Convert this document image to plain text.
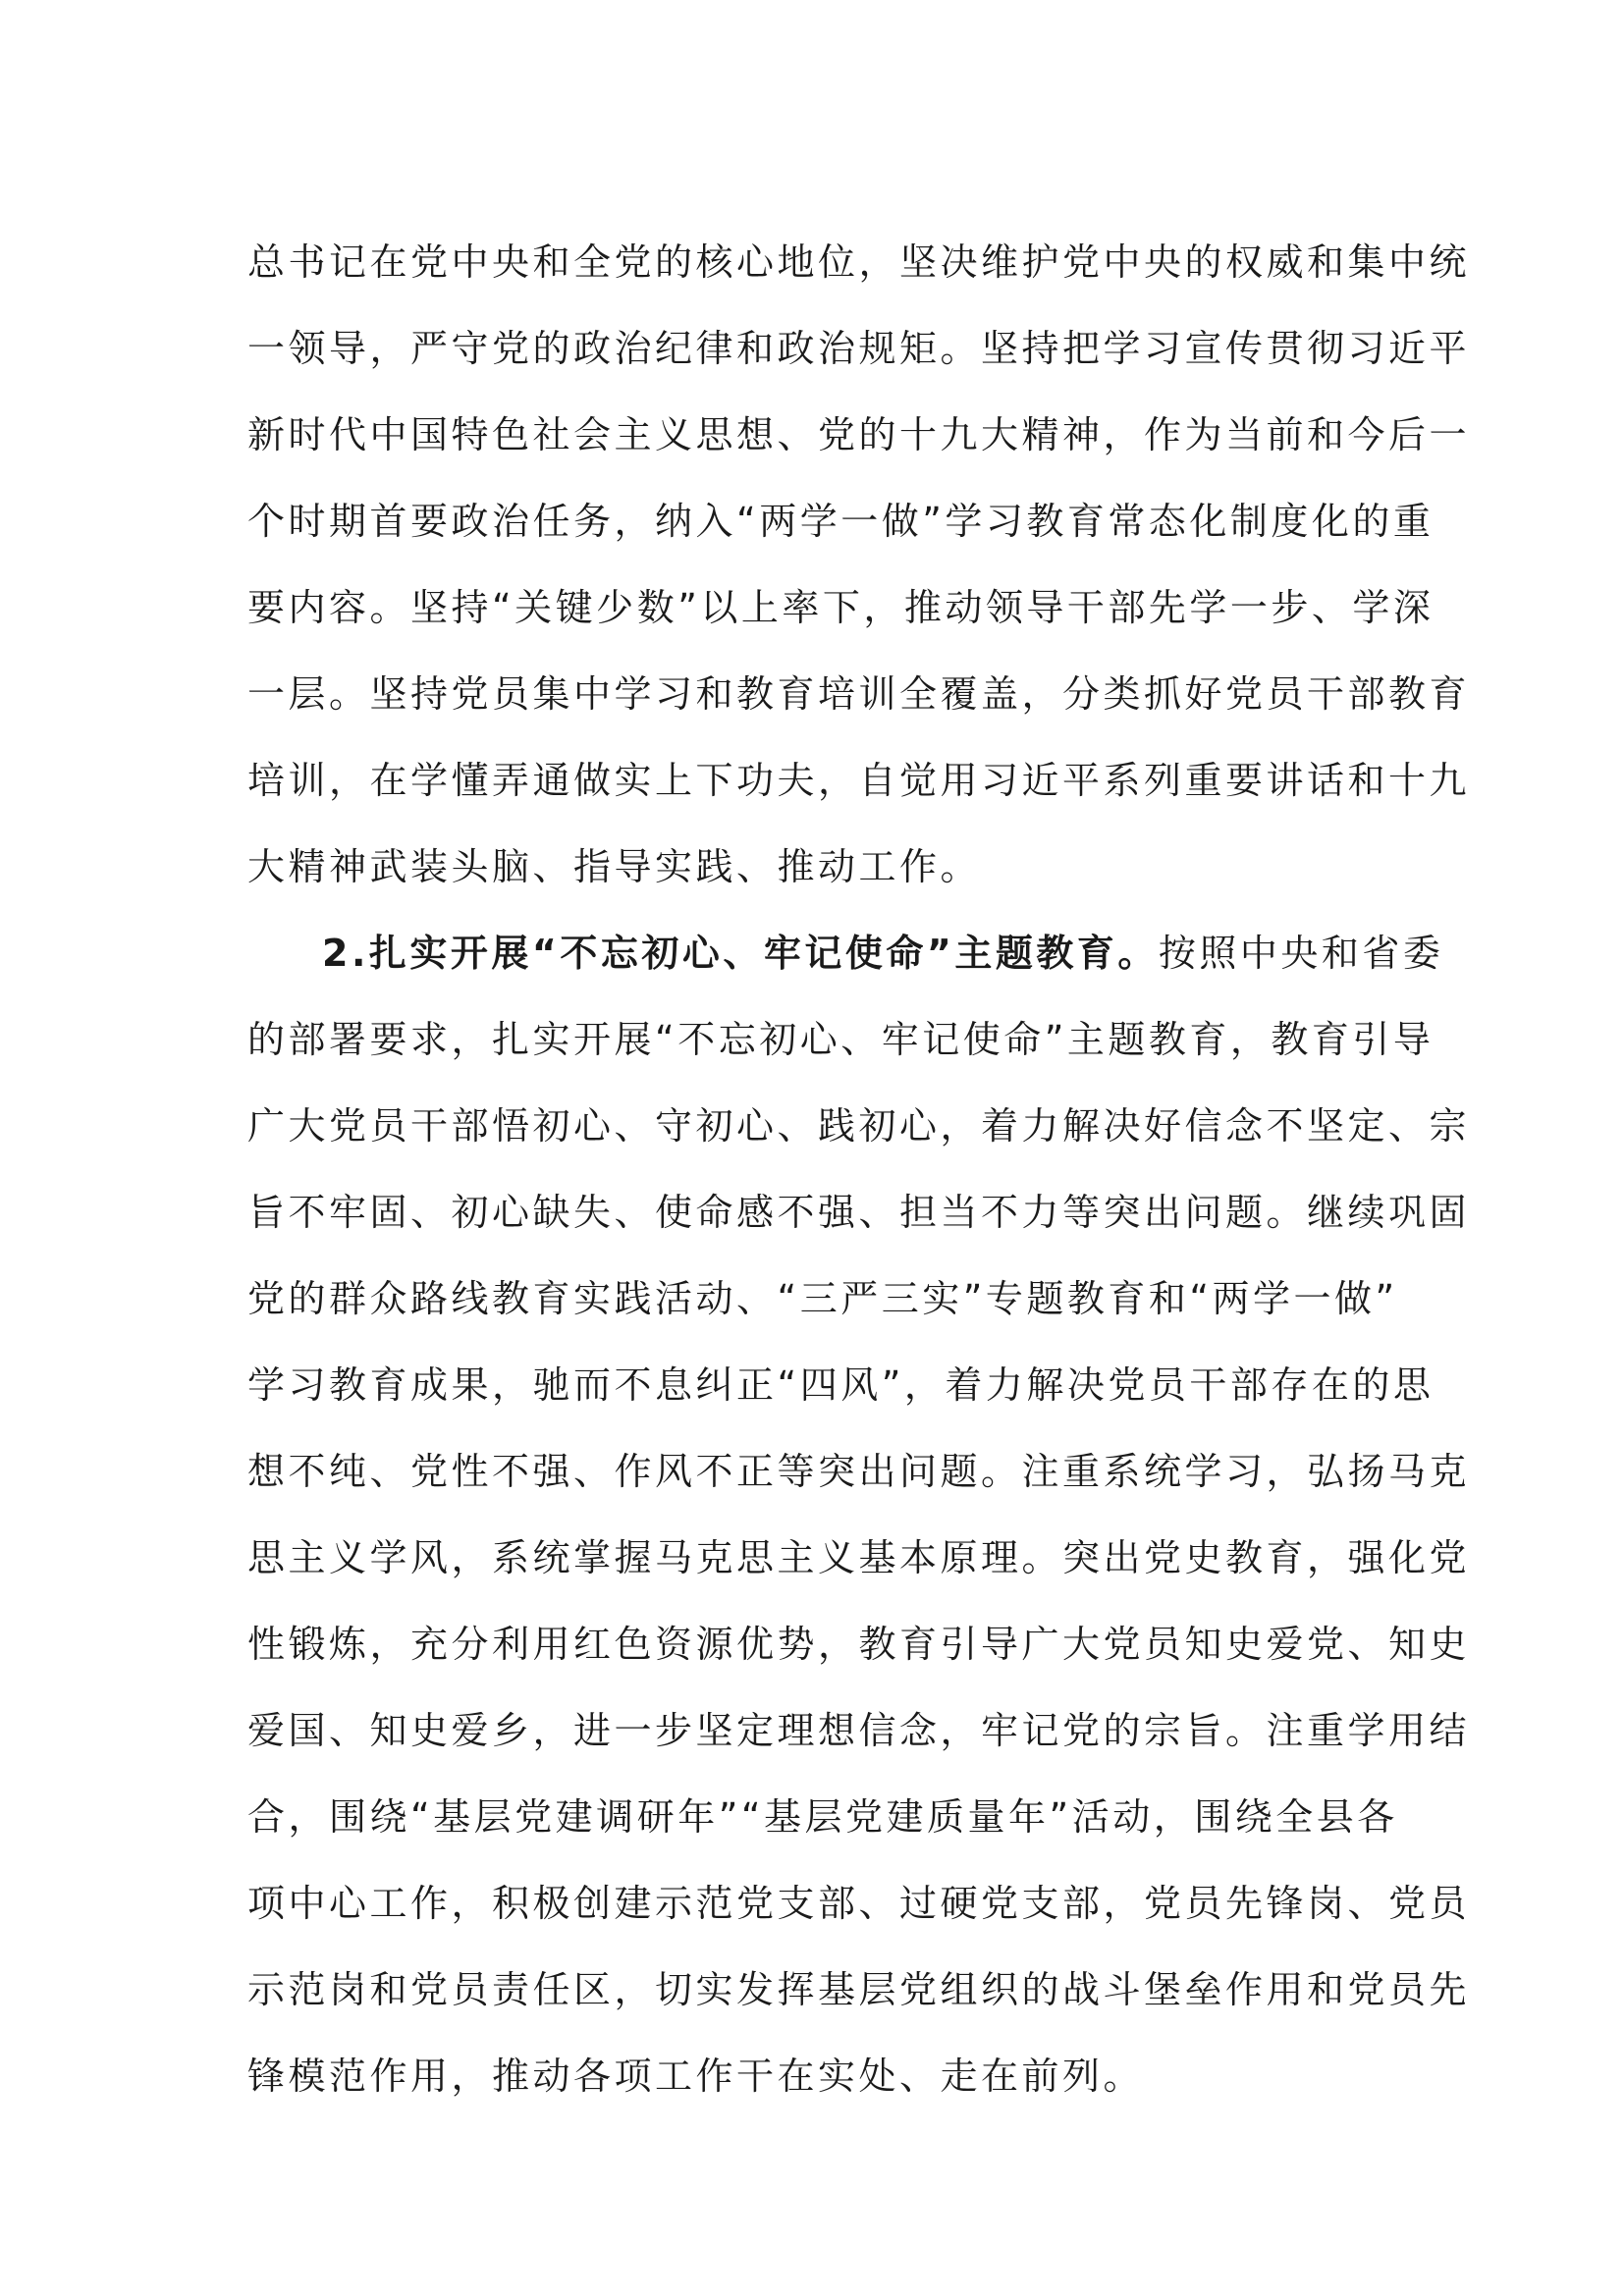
总书记在党中央和全党的核心地位，坚决维护党中央的权威和集中统
一领导，严守党的政治纪律和政治规矩。坚持把学习宣传贯彻习近平
新时代中国特色社会主义思想、党的十九大精神，作为当前和今后一
个时期首要政治任务，纳入“两学一做”学习教育常态化制度化的重
要内容。坚持“关键少数”以上率下，推动领导干部先学一步、学深
一层。坚持党员集中学习和教育培训全覆盖，分类抓好党员干部教育
培训，在学懂弄通做实上下功夫，自觉用习近平系列重要讲话和十九
大精神武装头脑、指导实践、推动工作。
2.扎实开展“不忘初心、牢记使命”主题教育。按照中央和省委
的部署要求，扎实开展“不忘初心、牢记使命”主题教育，教育引导
广大党员干部悟初心、守初心、践初心，着力解决好信念不坚定、宗
旨不牢固、初心缺失、使命感不强、担当不力等突出问题。继续巩固
党的群众路线教育实践活动、“三严三实”专题教育和“两学一做”
学习教育成果，驰而不息纠正“四风”，着力解决党员干部存在的思
想不纯、党性不强、作风不正等突出问题。注重系统学习，弘扬马克
思主义学风，系统掌握马克思主义基本原理。突出党史教育，强化党
性锻炼，充分利用红色资源优势，教育引导广大党员知史爱党、知史
爱国、知史爱乡，进一步坚定理想信念，牢记党的宗旨。注重学用结
合，围绕“基层党建调研年”“基层党建质量年”活动，围绕全县各
项中心工作，积极创建示范党支部、过硬党支部，党员先锋岗、党员
示范岗和党员责任区，切实发挥基层党组织的战斗堡垒作用和党员先
锋模范作用，推动各项工作干在实处、走在前列。
